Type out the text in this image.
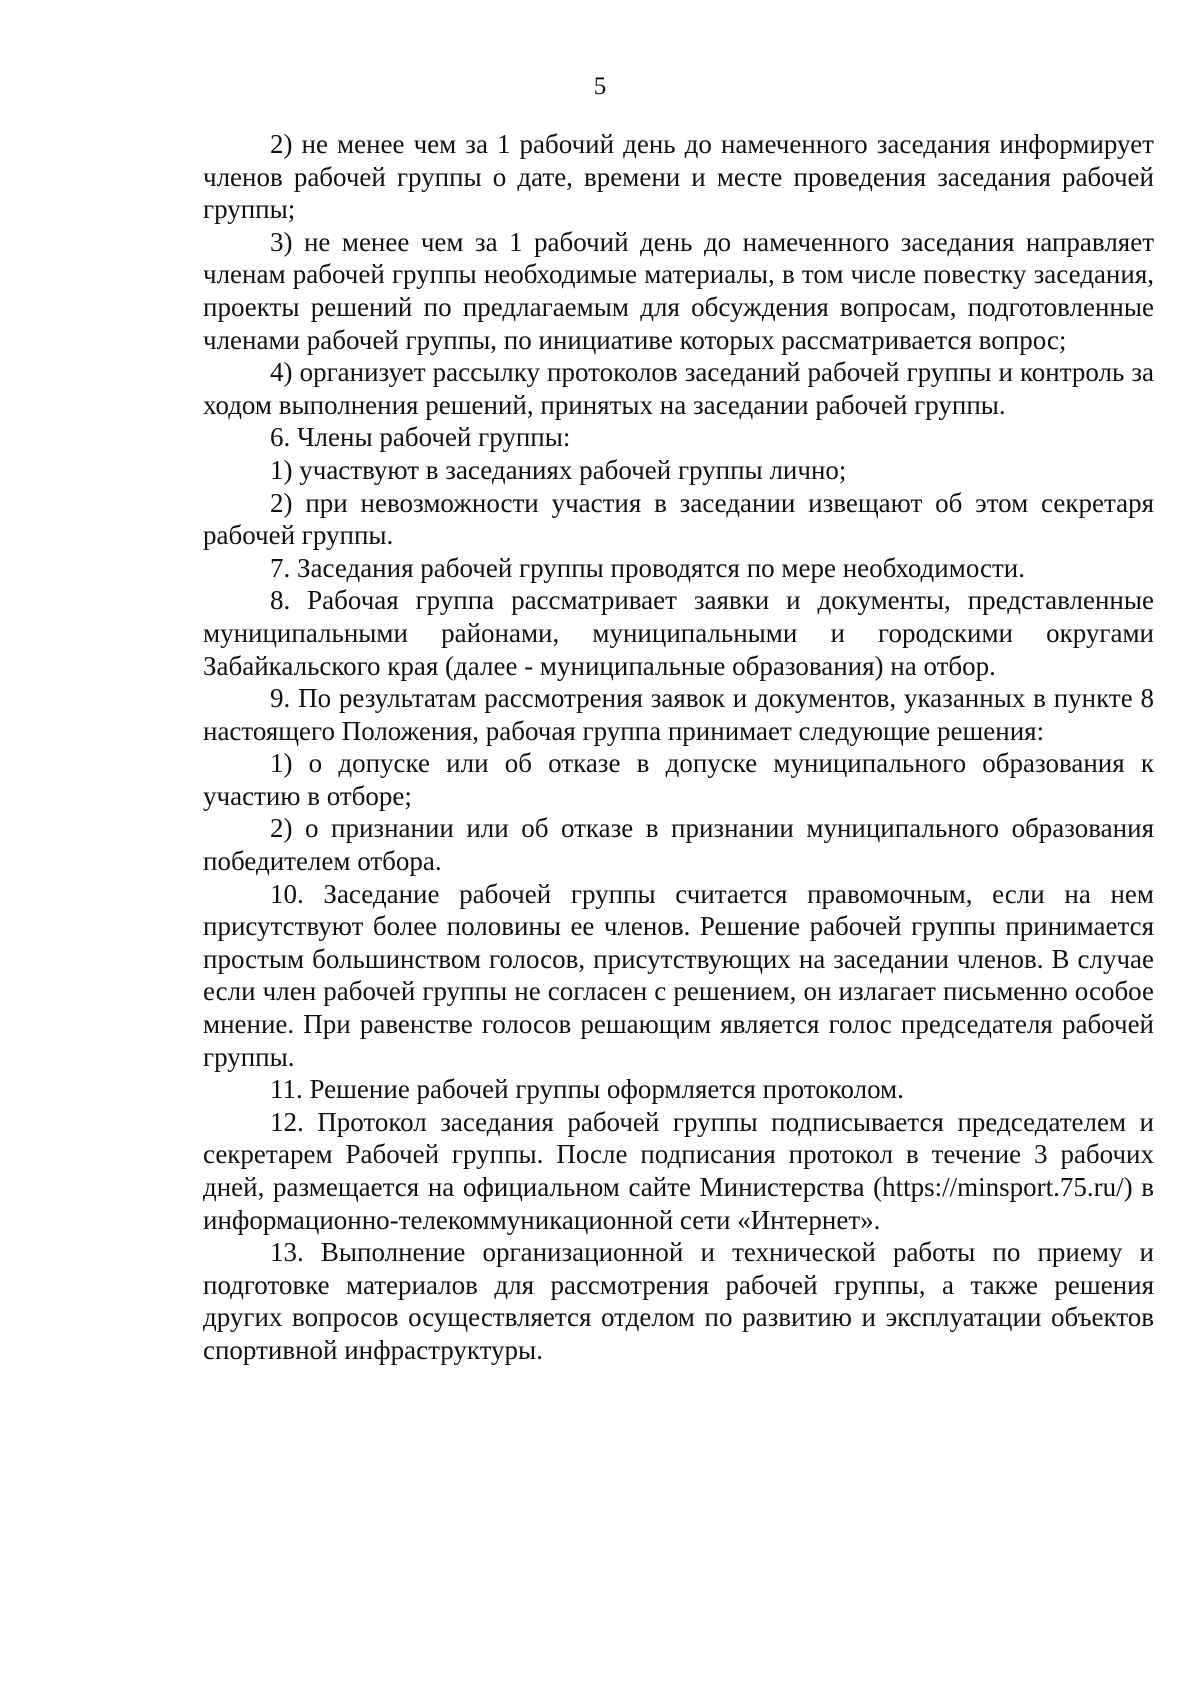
5

2) не менее чем за 1 рабочий день до намеченного заседания информирует членов рабочей группы о дате, времени и месте проведения заседания рабочей группы;

3) не менее чем за 1 рабочий день до намеченного заседания направляет членам рабочей группы необходимые материалы, в том числе повестку заседания, проекты решений по предлагаемым для обсуждения вопросам, подготовленные членами рабочей группы, по инициативе которых рассматривается вопрос;

4) организует рассылку протоколов заседаний рабочей группы и контроль за ходом выполнения решений, принятых на заседании рабочей группы.

6. Члены рабочей группы:

1) участвуют в заседаниях рабочей группы лично;

2) при невозможности участия в заседании извещают об этом секретаря рабочей группы.

7. Заседания рабочей группы проводятся по мере необходимости.

8. Рабочая группа рассматривает заявки и документы, представленные муниципальными районами, муниципальными и городскими округами Забайкальского края (далее - муниципальные образования) на отбор.

9. По результатам рассмотрения заявок и документов, указанных в пункте 8 настоящего Положения, рабочая группа принимает следующие решения:

1) о допуске или об отказе в допуске муниципального образования к участию в отборе;

2) о признании или об отказе в признании муниципального образования победителем отбора.

10. Заседание рабочей группы считается правомочным, если на нем присутствуют более половины ее членов. Решение рабочей группы принимается простым большинством голосов, присутствующих на заседании членов. В случае если член рабочей группы не согласен с решением, он излагает письменно особое мнение. При равенстве голосов решающим является голос председателя рабочей группы.

11. Решение рабочей группы оформляется протоколом.

12. Протокол заседания рабочей группы подписывается председателем и секретарем Рабочей группы. После подписания протокол в течение 3 рабочих дней, размещается на официальном сайте Министерства (https://minsport.75.ru/) в информационно-телекоммуникационной сети «Интернет».

13. Выполнение организационной и технической работы по приему и подготовке материалов для рассмотрения рабочей группы, а также решения других вопросов осуществляется отделом по развитию и эксплуатации объектов спортивной инфраструктуры.
